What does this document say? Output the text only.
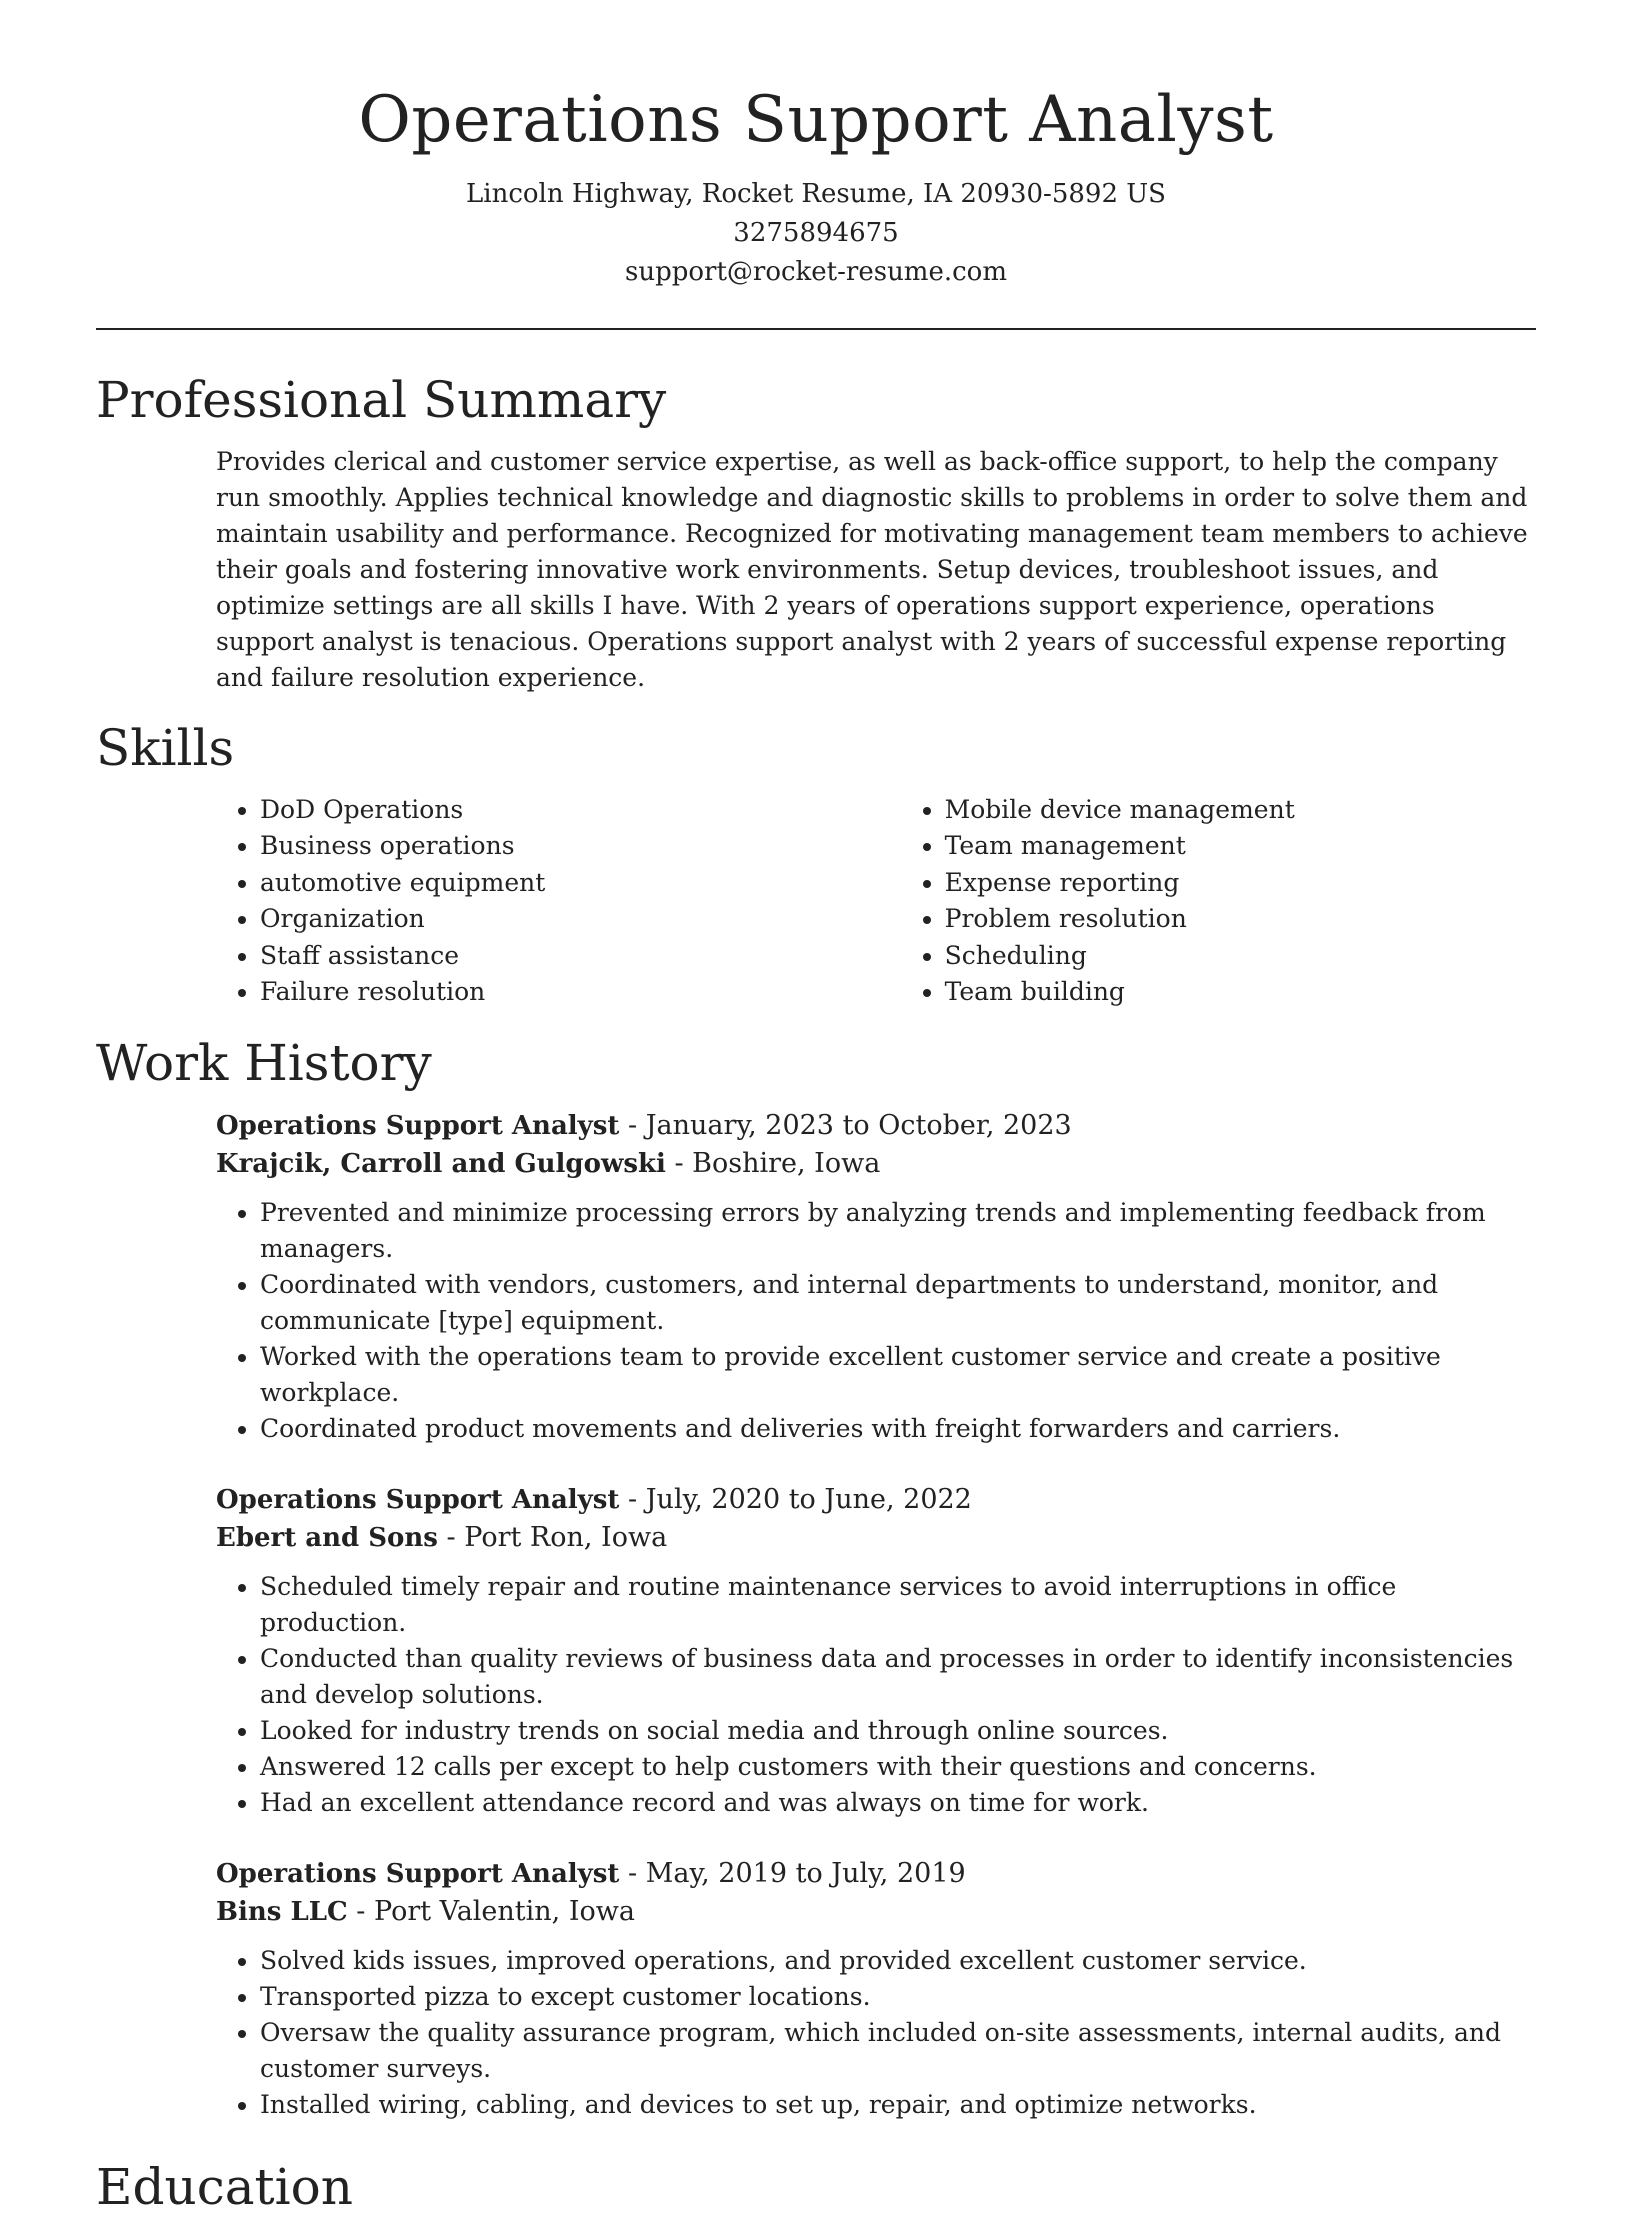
Operations Support Analyst

Lincoln Highway, Rocket Resume, IA 20930-5892 US

3275894675

support@rocket-resume.com

Professional Summary

Provides clerical and customer service expertise, as well as back-office support, to help the company run smoothly. Applies technical knowledge and diagnostic skills to problems in order to solve them and maintain usability and performance. Recognized for motivating management team members to achieve their goals and fostering innovative work environments. Setup devices, troubleshoot issues, and optimize settings are all skills I have. With 2 years of operations support experience, operations support analyst is tenacious. Operations support analyst with 2 years of successful expense reporting and failure resolution experience.

Skills
• DoD Operations
• Business operations
• automotive equipment
• Organization
• Staff assistance
• Failure resolution
• Mobile device management
• Team management
• Expense reporting
• Problem resolution
• Scheduling
• Team building
Work History

Operations Support Analyst - January, 2023 to October, 2023

Krajcik, Carroll and Gulgowski - Boshire, Iowa

• Prevented and minimize processing errors by analyzing trends and implementing feedback from managers.
• Coordinated with vendors, customers, and internal departments to understand, monitor, and communicate [type] equipment.
• Worked with the operations team to provide excellent customer service and create a positive workplace.
• Coordinated product movements and deliveries with freight forwarders and carriers.

Operations Support Analyst - July, 2020 to June, 2022

Ebert and Sons - Port Ron, Iowa

• Scheduled timely repair and routine maintenance services to avoid interruptions in office production.
• Conducted than quality reviews of business data and processes in order to identify inconsistencies and develop solutions.
• Looked for industry trends on social media and through online sources.
• Answered 12 calls per except to help customers with their questions and concerns.
• Had an excellent attendance record and was always on time for work.

Operations Support Analyst - May, 2019 to July, 2019

Bins LLC - Port Valentin, Iowa

• Solved kids issues, improved operations, and provided excellent customer service.
• Transported pizza to except customer locations.
• Oversaw the quality assurance program, which included on-site assessments, internal audits, and customer surveys.
• Installed wiring, cabling, and devices to set up, repair, and optimize networks.
Education
